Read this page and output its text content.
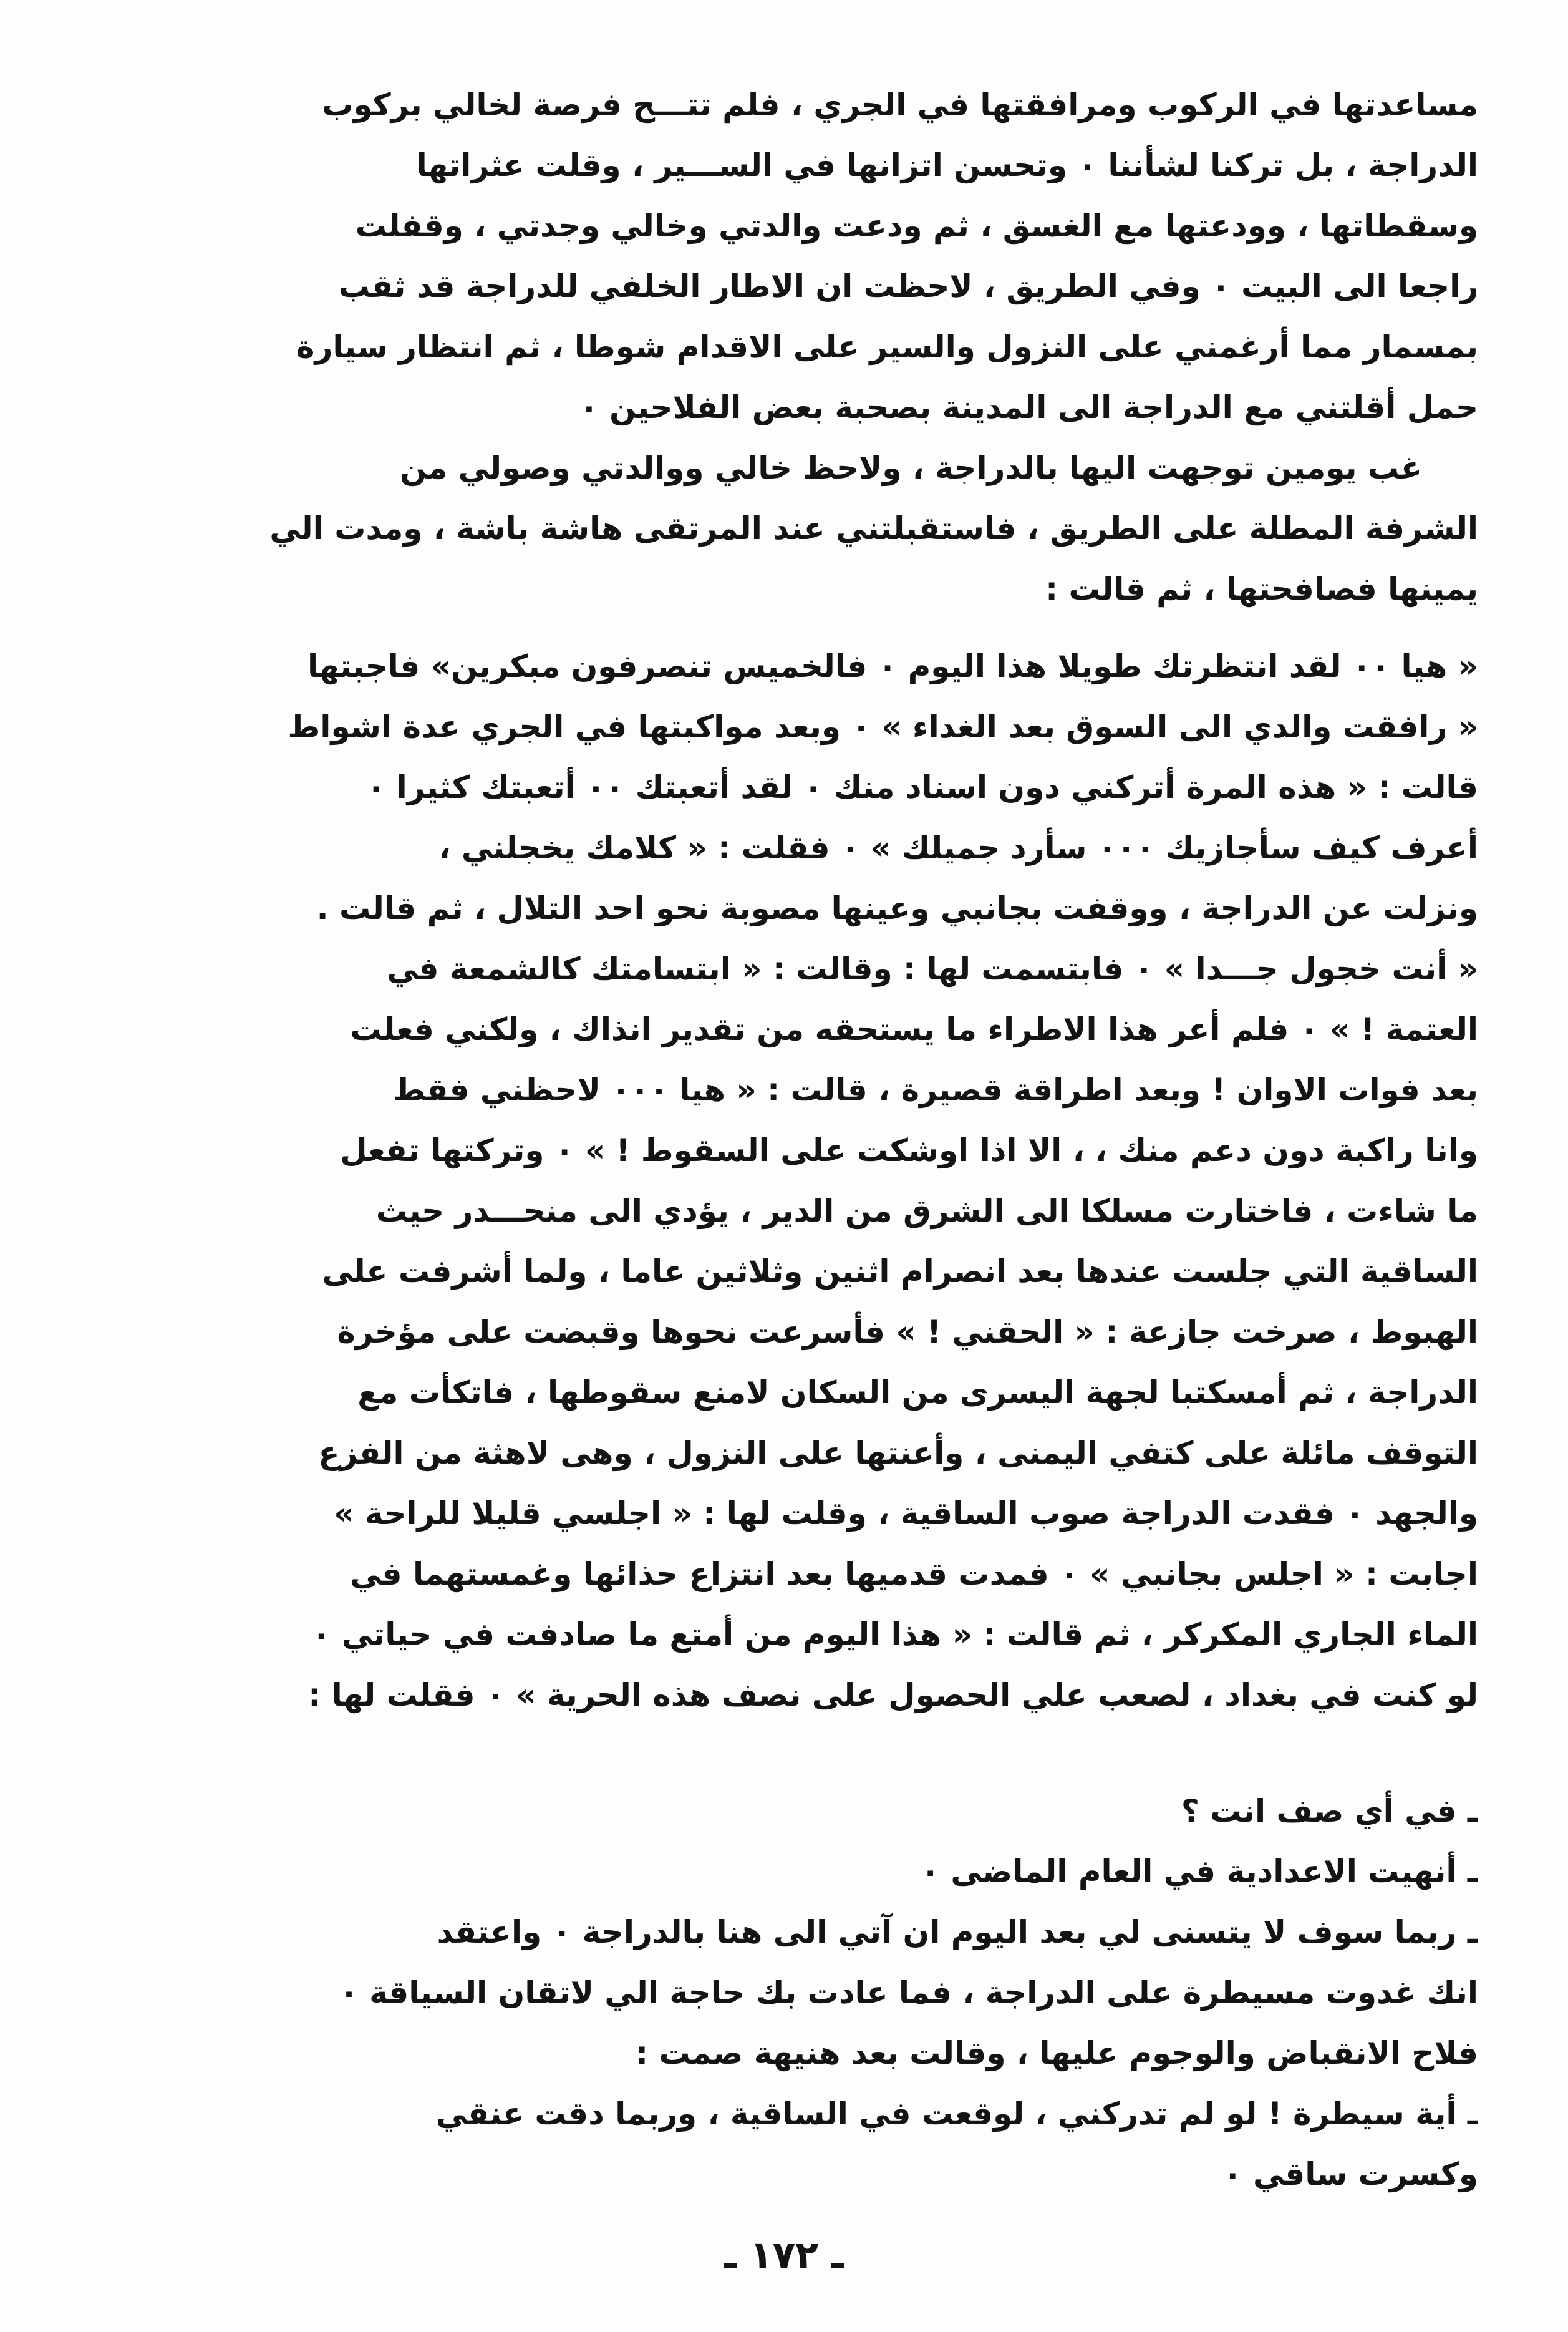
مساعدتها في الركوب ومرافقتها في الجري ، فلم تتـــح فرصة لخالي بركوب
الدراجة ، بل تركنا لشأننا ٠ وتحسن اتزانها في الســـير ، وقلت عثراتها
وسقطاتها ، وودعتها مع الغسق ، ثم ودعت والدتي وخالي وجدتي ، وقفلت
راجعا الى البيت ٠ وفي الطريق ، لاحظت ان الاطار الخلفي للدراجة قد ثقب
بمسمار مما أرغمني على النزول والسير على الاقدام شوطا ، ثم انتظار سيارة
حمل أقلتني مع الدراجة الى المدينة بصحبة بعض الفلاحين ٠
غب يومين توجهت اليها بالدراجة ، ولاحظ خالي ووالدتي وصولي من
الشرفة المطلة على الطريق ، فاستقبلتني عند المرتقى هاشة باشة ، ومدت الي
يمينها فصافحتها ، ثم قالت :
« هيا ٠٠ لقد انتظرتك طويلا هذا اليوم ٠ فالخميس تنصرفون مبكرين» فاجبتها
« رافقت والدي الى السوق بعد الغداء » ٠ وبعد مواكبتها في الجري عدة اشواط
قالت : « هذه المرة أتركني دون اسناد منك ٠ لقد أتعبتك ٠٠ أتعبتك كثيرا ٠
أعرف كيف سأجازيك ٠٠٠ سأرد جميلك » ٠ فقلت : « كلامك يخجلني ،
ونزلت عن الدراجة ، ووقفت بجانبي وعينها مصوبة نحو احد التلال ، ثم قالت .
« أنت خجول جـــدا » ٠ فابتسمت لها : وقالت : « ابتسامتك كالشمعة في
العتمة ! » ٠ فلم أعر هذا الاطراء ما يستحقه من تقدير انذاك ، ولكني فعلت
بعد فوات الاوان ! وبعد اطراقة قصيرة ، قالت : « هيا ٠٠٠ لاحظني فقط
وانا راكبة دون دعم منك ، ، الا اذا اوشكت على السقوط ! » ٠ وتركتها تفعل
ما شاءت ، فاختارت مسلكا الى الشرق من الدير ، يؤدي الى منحـــدر حيث
الساقية التي جلست عندها بعد انصرام اثنين وثلاثين عاما ، ولما أشرفت على
الهبوط ، صرخت جازعة : « الحقني ! » فأسرعت نحوها وقبضت على مؤخرة
الدراجة ، ثم أمسكتبا لجهة اليسرى من السكان لامنع سقوطها ، فاتكأت مع
التوقف مائلة على كتفي اليمنى ، وأعنتها على النزول ، وهى لاهثة من الفزع
والجهد ٠ فقدت الدراجة صوب الساقية ، وقلت لها : « اجلسي قليلا للراحة »
اجابت : « اجلس بجانبي » ٠ فمدت قدميها بعد انتزاع حذائها وغمستهما في
الماء الجاري المكركر ، ثم قالت : « هذا اليوم من أمتع ما صادفت في حياتي ٠
لو كنت في بغداد ، لصعب علي الحصول على نصف هذه الحرية » ٠ فقلت لها :
ـ في أي صف انت ؟
ـ أنهيت الاعدادية في العام الماضى ٠
ـ ربما سوف لا يتسنى لي بعد اليوم ان آتي الى هنا بالدراجة ٠ واعتقد
انك غدوت مسيطرة على الدراجة ، فما عادت بك حاجة الي لاتقان السياقة ٠
فلاح الانقباض والوجوم عليها ، وقالت بعد هنيهة صمت :
ـ أية سيطرة ! لو لم تدركني ، لوقعت في الساقية ، وربما دقت عنقي
وكسرت ساقي ٠
ـ ١٧٢ ـ
